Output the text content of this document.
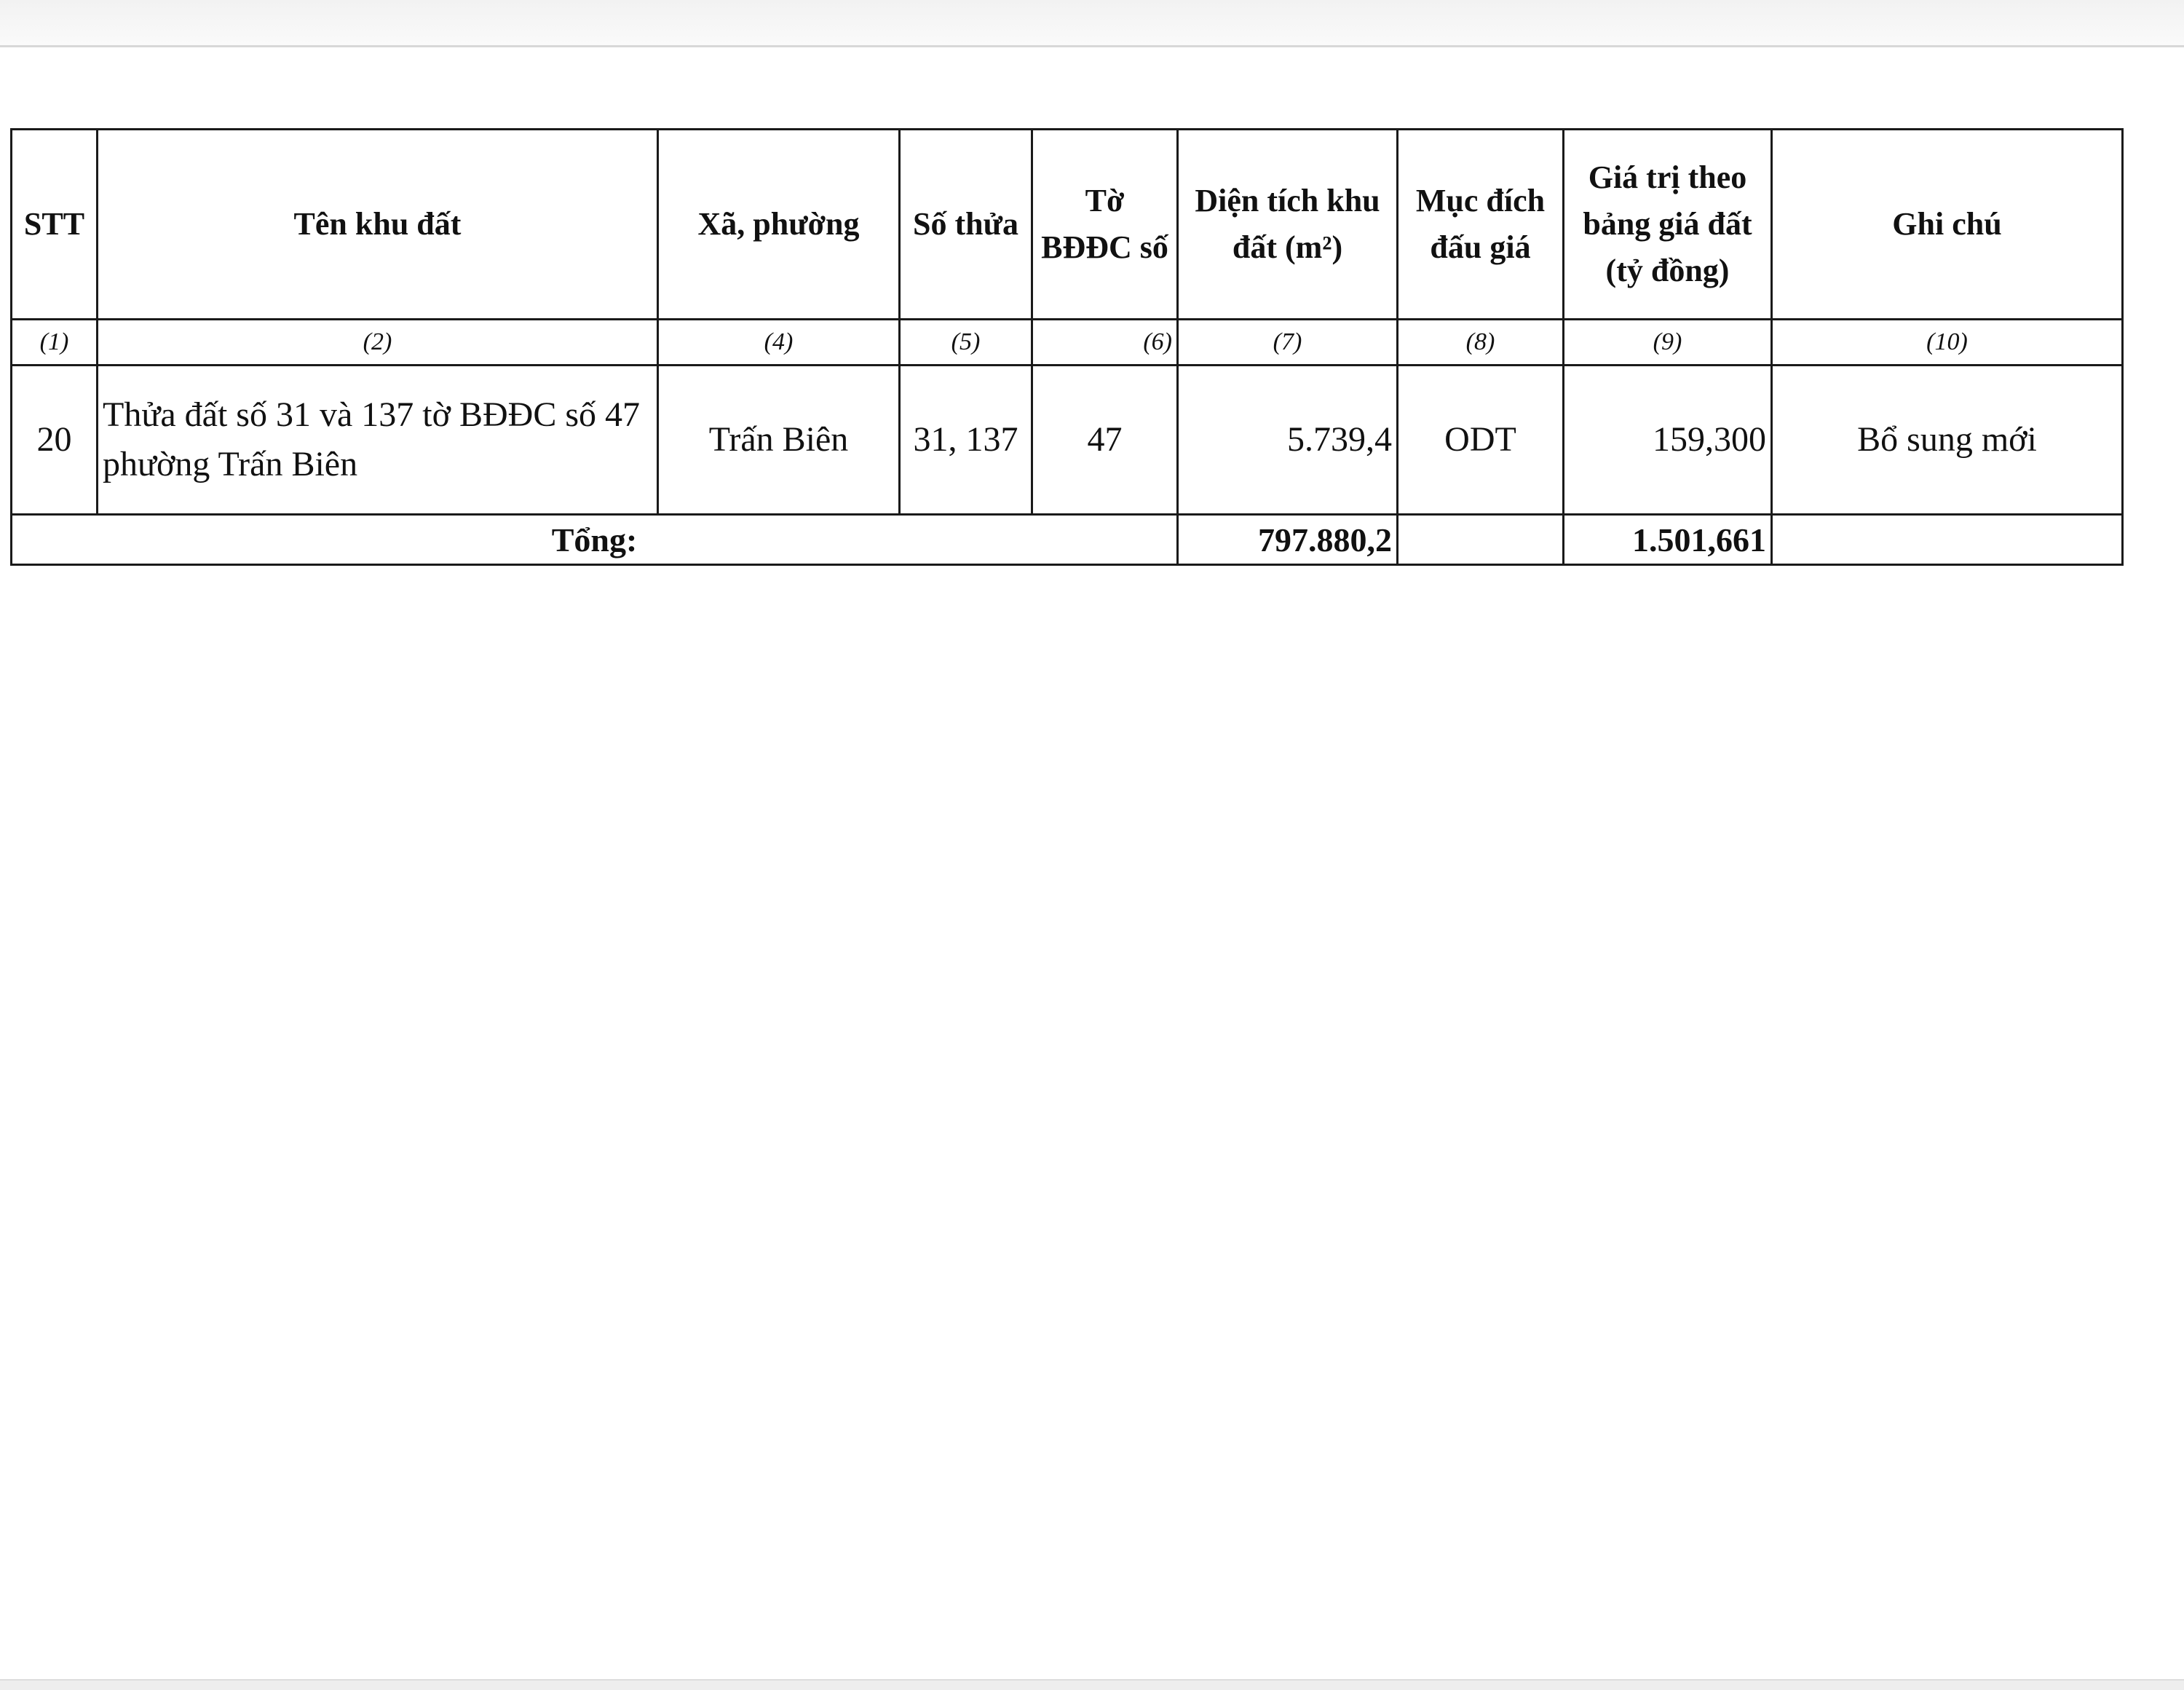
STT	Tên khu đất	Xã, phường	Số thửa	Tờ BĐĐC số	Diện tích khu đất (m²)	Mục đích đấu giá	Giá trị theo bảng giá đất (tỷ đồng)	Ghi chú
(1)	(2)	(4)	(5)	(6)	(7)	(8)	(9)	(10)
20	Thửa đất số 31 và 137 tờ BĐĐC số 47 phường Trấn Biên	Trấn Biên	31, 137	47	5.739,4	ODT	159,300	Bổ sung mới
Tổng:					797.880,2		1.501,661	
